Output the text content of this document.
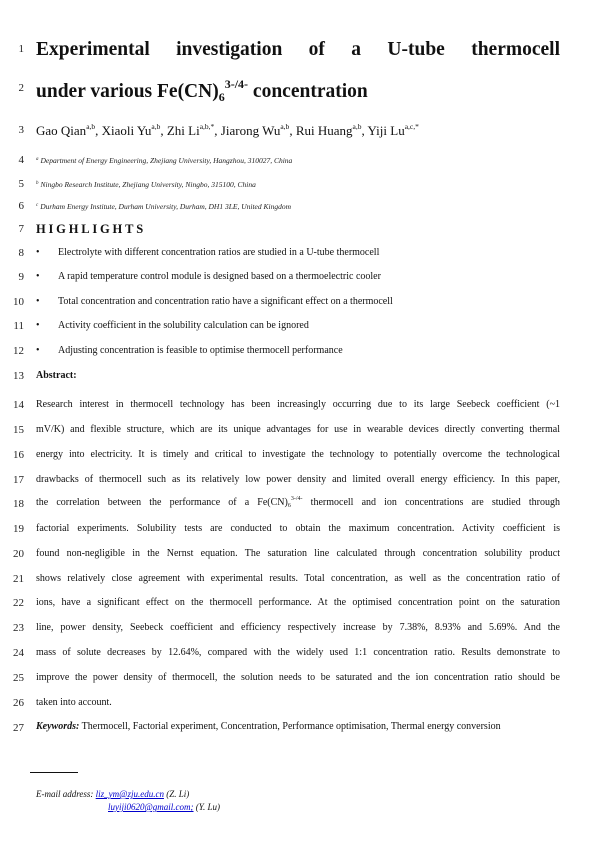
1
2
3
4
5
6
7
8
9
10
11
12
13
14
15
16
17
18
19
20
21
22
23
24
25
26
27
Experimental investigation of a U-tube thermocell
under various $Fe(CN)_6^{3-/4-}$ concentration
Gao Qian$^{a,b}$, Xiaoli Yu$^{a,b}$, Zhi $Li^{a,b,*}$, Jiarong Wu$^{a,b}$, Rui Huang$^{a,b}$, Yiji $Lu^{a,c,*}$
$^a$ Department of Energy Engineering, Zhejiang University, Hangzhou, 310027, China
$^b$ Ningbo Research Institute, Zhejiang University, Ningbo, 315100, China
$^c$ Durham Energy Institute, Durham University, Durham, DH1 3LE, United Kingdom
HIGHLIGHTS
• Electrolyte with different concentration ratios are studied in a U-tube thermocell
• A rapid temperature control module is designed based on a thermoelectric cooler
• Total concentration and concentration ratio have a significant effect on a thermocell
• Activity coefficient in the solubility calculation can be ignored
• Adjusting concentration is feasible to optimise thermocell performance
Abstract:
Research interest in thermocell technology has been increasingly occurring due to its large Seebeck coefficient (~1
mV/K) and flexible structure, which are its unique advantages for use in wearable devices directly converting thermal
energy into electricity. It is timely and critical to investigate the technology to potentially overcome the technological
drawbacks of thermocell such as its relatively low power density and limited overall energy efficiency. In this paper,
the correlation between the performance of a $Fe(CN)_6^{3-/4-}$ thermocell and ion concentrations are studied through
factorial experiments. Solubility tests are conducted to obtain the maximum concentration. Activity coefficient is
found non-negligible in the Nernst equation. The saturation line calculated through concentration solubility product
shows relatively close agreement with experimental results. Total concentration, as well as the concentration ratio of
ions, have a significant effect on the thermocell performance. At the optimised concentration point on the saturation
line, power density, Seebeck coefficient and efficiency respectively increase by 7.38%, 8.93% and 5.69%. And the
mass of solute decreases by 12.64%, compared with the widely used 1:1 concentration ratio. Results demonstrate to
improve the power density of thermocell, the solution needs to be saturated and the ion concentration ratio should be
taken into account.
Keywords: Thermocell, Factorial experiment, Concentration, Performance optimisation, Thermal energy conversion
E-mail address: liz_ym@zju.edu.cn (Z. Li)
luyiji0620@gmail.com; (Y. Lu)
